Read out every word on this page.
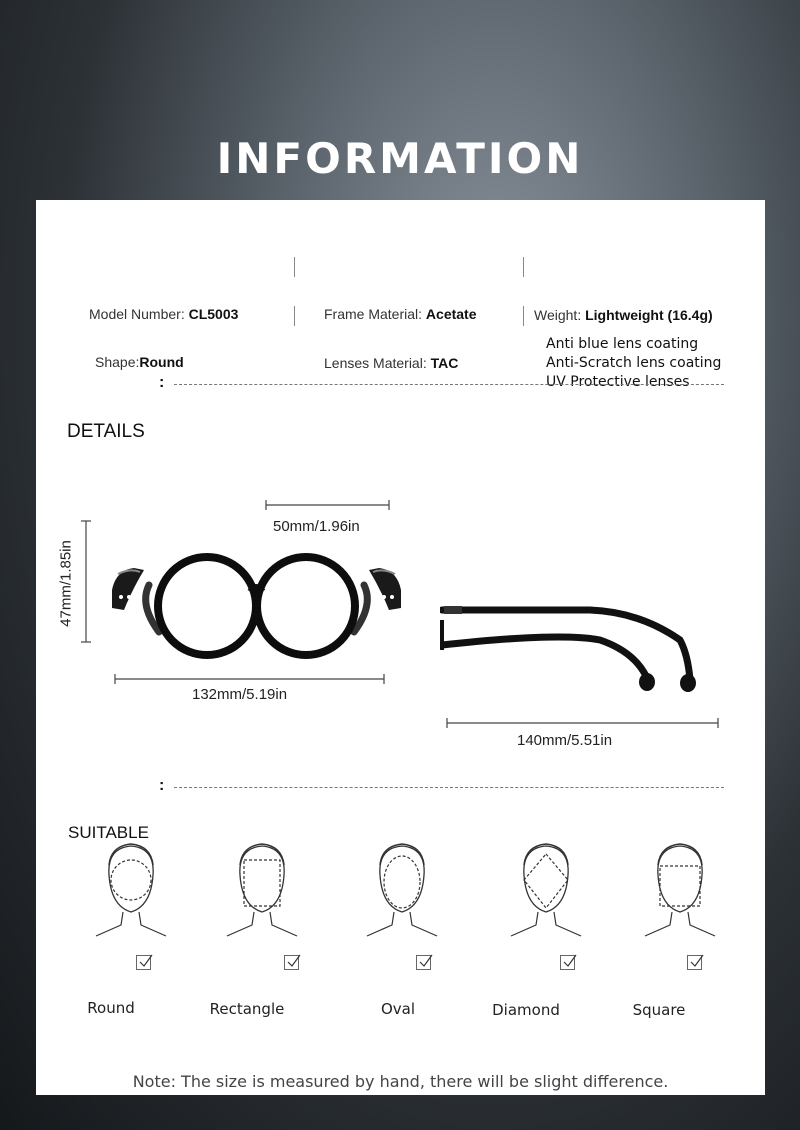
INFORMATION
Model Number: CL5003	Frame Material: Acetate	Weight: Lightweight (16.4g)
Shape:Round	Lenses Material: TAC
Anti blue lens coating
Anti-Scratch lens coating
UV Protective lenses
:
DETAILS
50mm/1.96in
47mm/1.85in
132mm/5.19in
140mm/5.51in
:
SUITABLE
Round	Rectangle	Oval	Diamond	Square
Note: The size is measured by hand, there will be slight difference.
